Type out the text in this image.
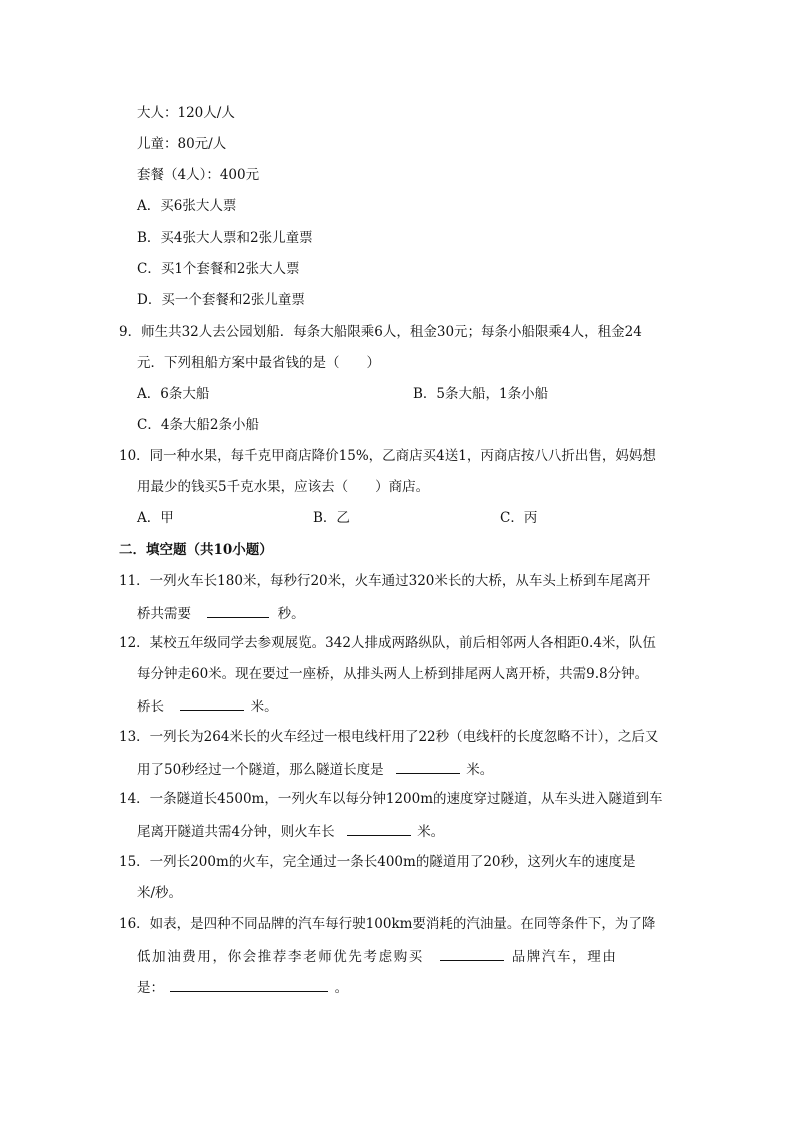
大人：120人/人
儿童：80元/人
套餐（4人）：400元
A．买6张大人票
B．买4张大人票和2张儿童票
C．买1个套餐和2张大人票
D．买一个套餐和2张儿童票
9．师生共32人去公园划船．每条大船限乘6人，租金30元；每条小船限乘4人，租金24
元．下列租船方案中最省钱的是（　　）
A．6条大船	B．5条大船，1条小船
C．4条大船2条小船
10．同一种水果，每千克甲商店降价15%，乙商店买4送1，丙商店按八八折出售，妈妈想
用最少的钱买5千克水果，应该去（　　）商店。
A．甲	B．乙	C．丙
二．填空题（共10小题）
11．一列火车长180米，每秒行20米，火车通过320米长的大桥，从车头上桥到车尾离开
桥共需要	秒。
12．某校五年级同学去参观展览。342人排成两路纵队，前后相邻两人各相距0.4米，队伍
每分钟走60米。现在要过一座桥，从排头两人上桥到排尾两人离开桥，共需9.8分钟。
桥长	米。
13．一列长为264米长的火车经过一根电线杆用了22秒（电线杆的长度忽略不计），之后又
用了50秒经过一个隧道，那么隧道长度是	米。
14．一条隧道长4500m，一列火车以每分钟1200m的速度穿过隧道，从车头进入隧道到车
尾离开隧道共需4分钟，则火车长	米。
15．一列长200m的火车，完全通过一条长400m的隧道用了20秒，这列火车的速度是
米/秒。
16．如表，是四种不同品牌的汽车每行驶100km要消耗的汽油量。在同等条件下，为了降
低加油费用，你会推荐李老师优先考虑购买	品牌汽车，理由
是：	。
